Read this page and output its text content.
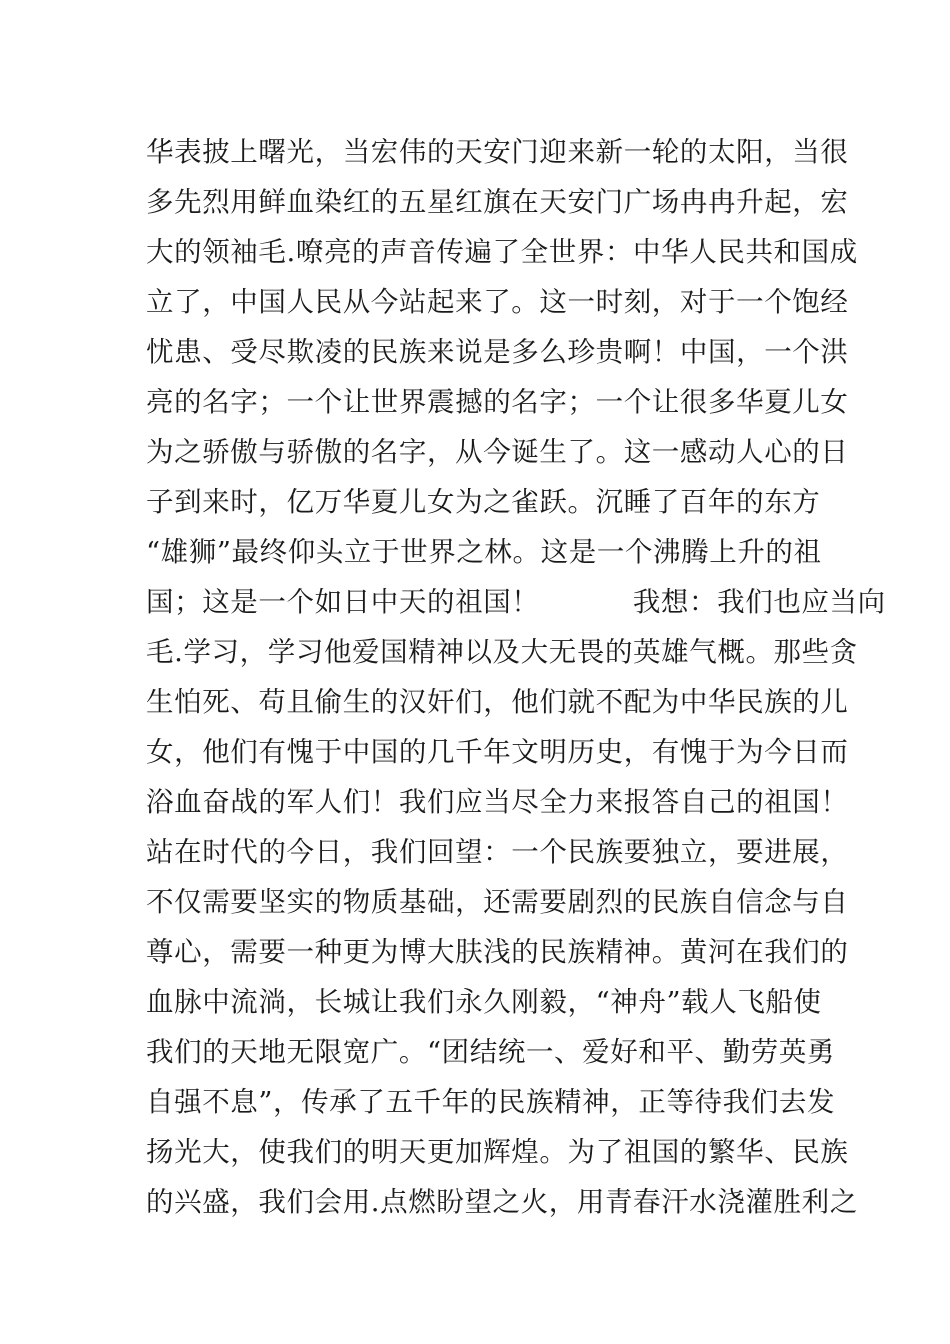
华表披上曙光，当宏伟的天安门迎来新一轮的太阳，当很
多先烈用鲜血染红的五星红旗在天安门广场冉冉升起，宏
大的领袖毛.嘹亮的声音传遍了全世界：中华人民共和国成
立了，中国人民从今站起来了。这一时刻，对于一个饱经
忧患、受尽欺凌的民族来说是多么珍贵啊！中国，一个洪
亮的名字；一个让世界震撼的名字；一个让很多华夏儿女
为之骄傲与骄傲的名字，从今诞生了。这一感动人心的日
子到来时，亿万华夏儿女为之雀跃。沉睡了百年的东方
“雄狮”最终仰头立于世界之林。这是一个沸腾上升的祖
国；这是一个如日中天的祖国！          我想：我们也应当向
毛.学习，学习他爱国精神以及大无畏的英雄气概。那些贪
生怕死、苟且偷生的汉奸们，他们就不配为中华民族的儿
女，他们有愧于中国的几千年文明历史，有愧于为今日而
浴血奋战的军人们！我们应当尽全力来报答自己的祖国！
站在时代的今日，我们回望：一个民族要独立，要进展，
不仅需要坚实的物质基础，还需要剧烈的民族自信念与自
尊心，需要一种更为博大肤浅的民族精神。黄河在我们的
血脉中流淌，长城让我们永久刚毅，“神舟”载人飞船使
我们的天地无限宽广。“团结统一、爱好和平、勤劳英勇
自强不息”，传承了五千年的民族精神，正等待我们去发
扬光大，使我们的明天更加辉煌。为了祖国的繁华、民族
的兴盛，我们会用.点燃盼望之火，用青春汗水浇灌胜利之
